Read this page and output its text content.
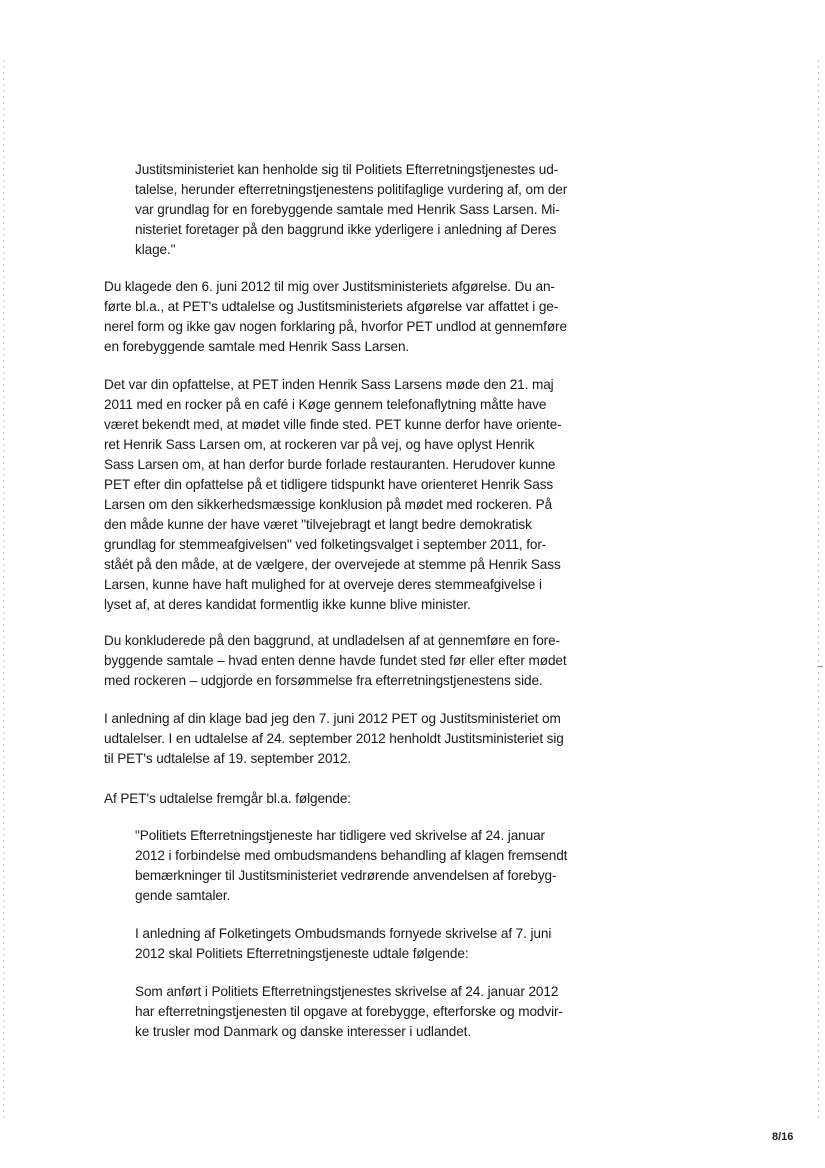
Justitsministeriet kan henholde sig til Politiets Efterretningstjenestes ud-
talelse, herunder efterretningstjenestens politifaglige vurdering af, om der
var grundlag for en forebyggende samtale med Henrik Sass Larsen. Mi-
nisteriet foretager på den baggrund ikke yderligere i anledning af Deres
klage."
Du klagede den 6. juni 2012 til mig over Justitsministeriets afgørelse. Du an-
førte bl.a., at PET's udtalelse og Justitsministeriets afgørelse var affattet i ge-
nerel form og ikke gav nogen forklaring på, hvorfor PET undlod at gennemføre
en forebyggende samtale med Henrik Sass Larsen.
Det var din opfattelse, at PET inden Henrik Sass Larsens møde den 21. maj
2011 med en rocker på en café i Køge gennem telefonaflytning måtte have
været bekendt med, at mødet ville finde sted. PET kunne derfor have oriente-
ret Henrik Sass Larsen om, at rockeren var på vej, og have oplyst Henrik
Sass Larsen om, at han derfor burde forlade restauranten. Herudover kunne
PET efter din opfattelse på et tidligere tidspunkt have orienteret Henrik Sass
Larsen om den sikkerhedsmæssige konklusion på mødet med rockeren. På
den måde kunne der have været "tilvejebragt et langt bedre demokratisk
grundlag for stemmeafgivelsen" ved folketingsvalget i september 2011, for-
ståét på den måde, at de vælgere, der overvejede at stemme på Henrik Sass
Larsen, kunne have haft mulighed for at overveje deres stemmeafgivelse i
lyset af, at deres kandidat formentlig ikke kunne blive minister.
Du konkluderede på den baggrund, at undladelsen af at gennemføre en fore-
byggende samtale – hvad enten denne havde fundet sted før eller efter mødet
med rockeren – udgjorde en forsømmelse fra efterretningstjenestens side.
I anledning af din klage bad jeg den 7. juni 2012 PET og Justitsministeriet om
udtalelser. I en udtalelse af 24. september 2012 henholdt Justitsministeriet sig
til PET's udtalelse af 19. september 2012.
Af PET's udtalelse fremgår bl.a. følgende:
"Politiets Efterretningstjeneste har tidligere ved skrivelse af 24. januar
2012 i forbindelse med ombudsmandens behandling af klagen fremsendt
bemærkninger til Justitsministeriet vedrørende anvendelsen af forebyg-
gende samtaler.
I anledning af Folketingets Ombudsmands fornyede skrivelse af 7. juni
2012 skal Politiets Efterretningstjeneste udtale følgende:
Som anført i Politiets Efterretningstjenestes skrivelse af 24. januar 2012
har efterretningstjenesten til opgave at forebygge, efterforske og modvir-
ke trusler mod Danmark og danske interesser i udlandet.
8/16
